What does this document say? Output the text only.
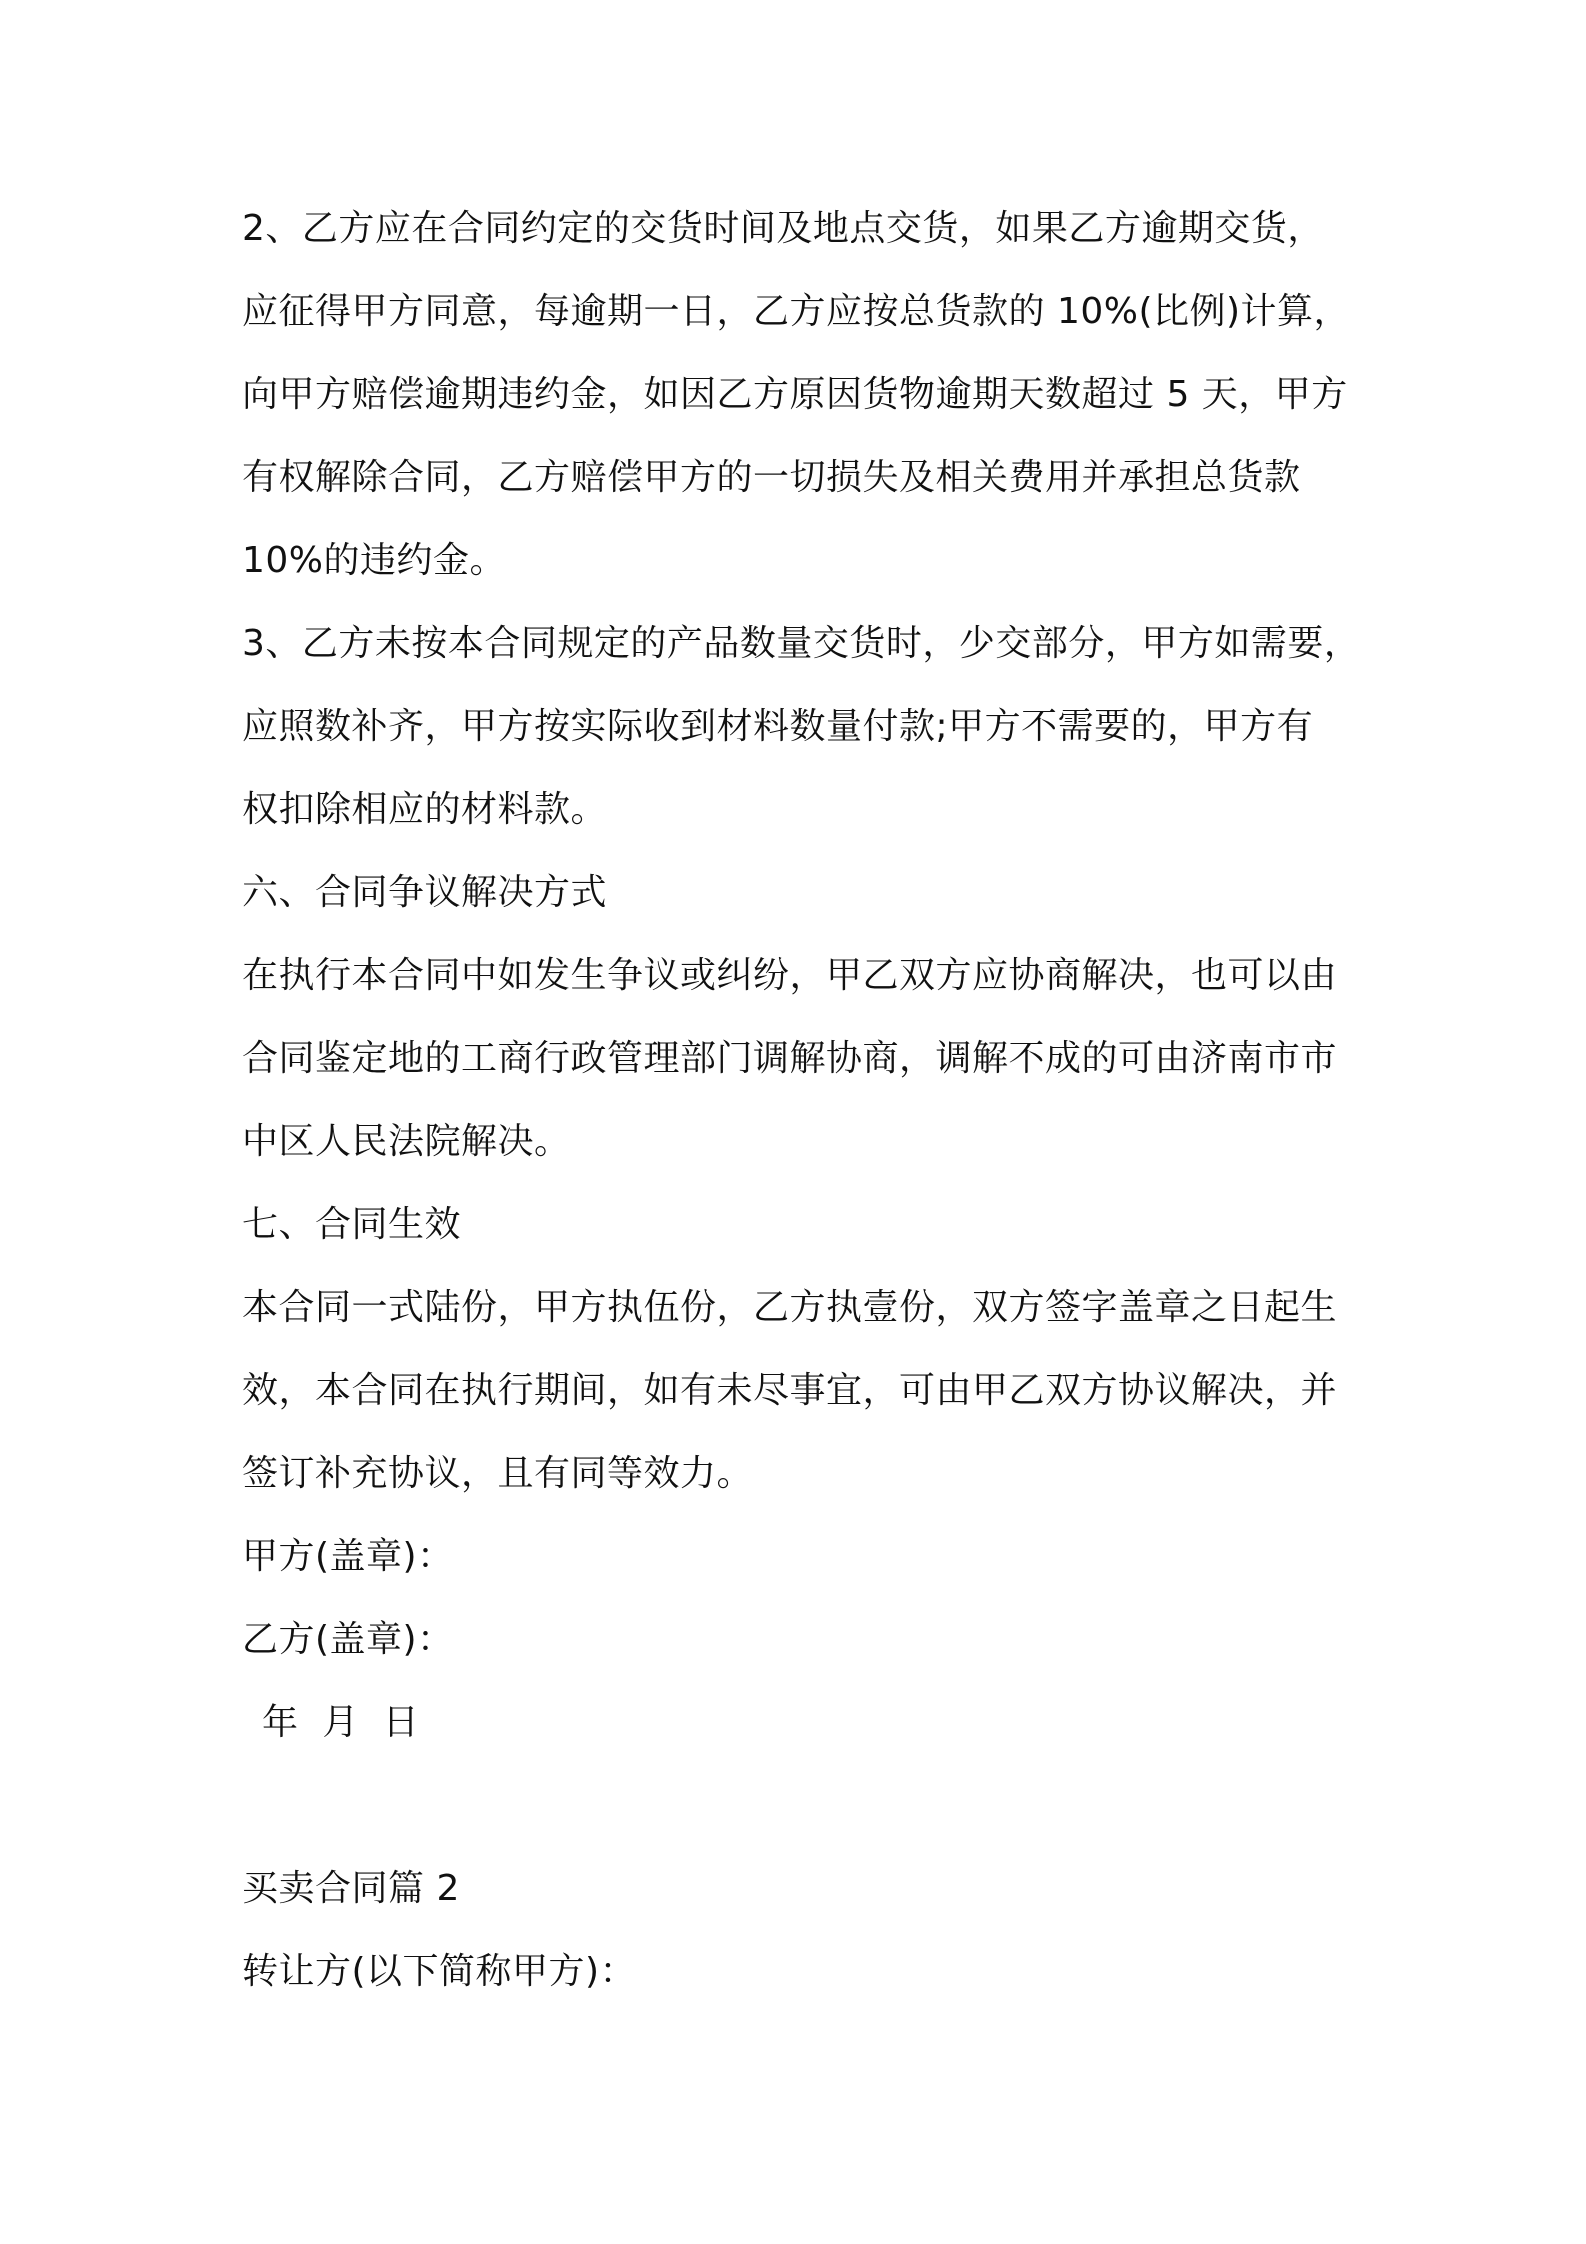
2、乙方应在合同约定的交货时间及地点交货，如果乙方逾期交货，

应征得甲方同意，每逾期一日，乙方应按总货款的 10%(比例)计算，

向甲方赔偿逾期违约金，如因乙方原因货物逾期天数超过 5 天，甲方

有权解除合同，乙方赔偿甲方的一切损失及相关费用并承担总货款

10%的违约金。

3、乙方未按本合同规定的产品数量交货时，少交部分，甲方如需要，

应照数补齐，甲方按实际收到材料数量付款;甲方不需要的，甲方有

权扣除相应的材料款。

六、合同争议解决方式

在执行本合同中如发生争议或纠纷，甲乙双方应协商解决，也可以由

合同鉴定地的工商行政管理部门调解协商，调解不成的可由济南市市

中区人民法院解决。

七、合同生效

本合同一式陆份，甲方执伍份，乙方执壹份，双方签字盖章之日起生

效，本合同在执行期间，如有未尽事宜，可由甲乙双方协议解决，并

签订补充协议，且有同等效力。

甲方(盖章)：

乙方(盖章)：

年  月  日

买卖合同篇 2

转让方(以下简称甲方)：
